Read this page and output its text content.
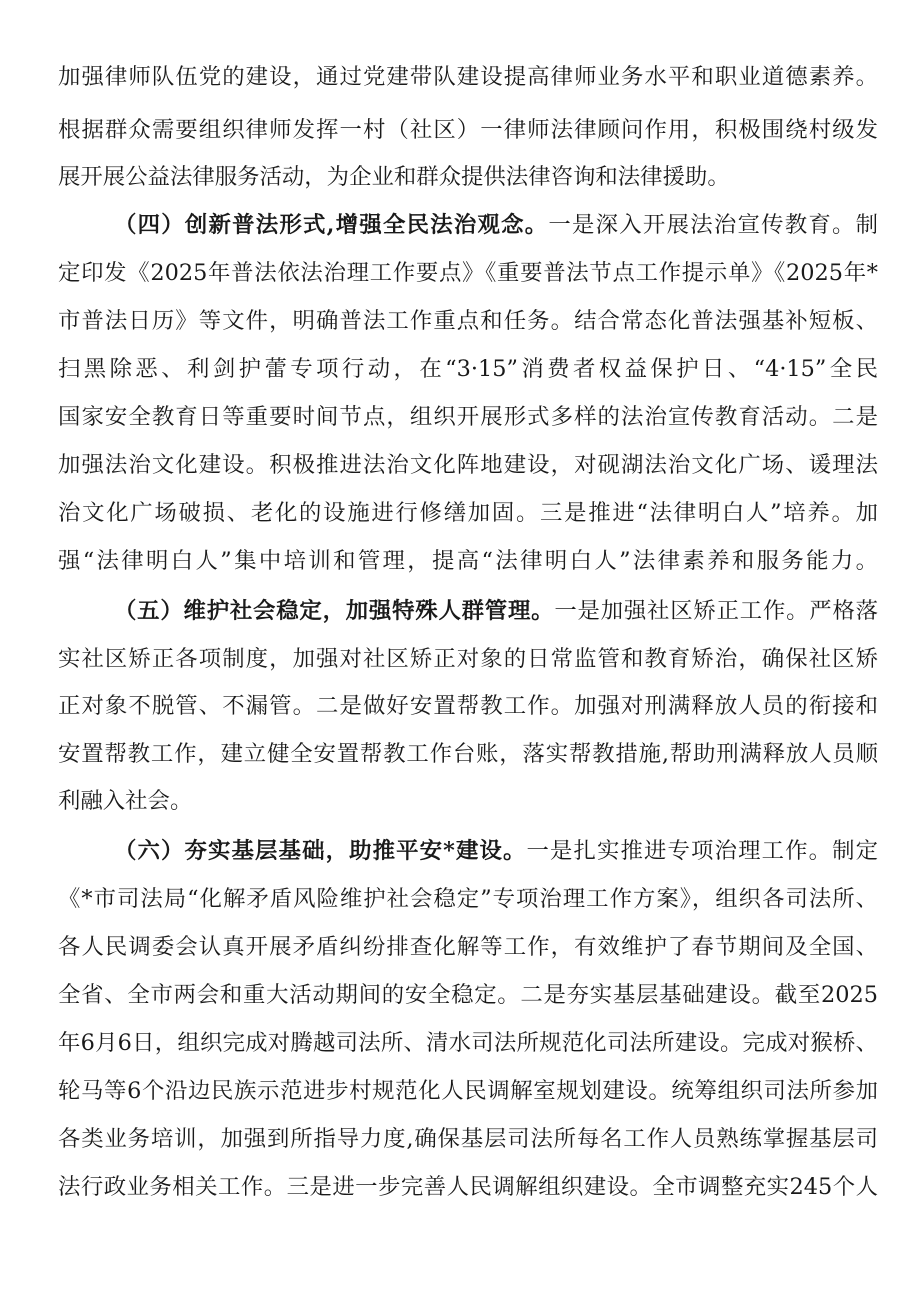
加强律师队伍党的建设，通过党建带队建设提高律师业务水平和职业道德素养。
根据群众需要组织律师发挥一村（社区）一律师法律顾问作用，积极围绕村级发
展开展公益法律服务活动，为企业和群众提供法律咨询和法律援助。
（四）创新普法形式,增强全民法治观念。一是深入开展法治宣传教育。制
定印发《2025年普法依法治理工作要点》《重要普法节点工作提示单》《2025年*
市普法日历》等文件，明确普法工作重点和任务。结合常态化普法强基补短板、
扫黑除恶、利剑护蕾专项行动，在“3·15”消费者权益保护日、“4·15”全民
国家安全教育日等重要时间节点，组织开展形式多样的法治宣传教育活动。二是
加强法治文化建设。积极推进法治文化阵地建设，对砚湖法治文化广场、谖理法
治文化广场破损、老化的设施进行修缮加固。三是推进“法律明白人”培养。加
强“法律明白人”集中培训和管理，提高“法律明白人”法律素养和服务能力。
（五）维护社会稳定，加强特殊人群管理。一是加强社区矫正工作。严格落
实社区矫正各项制度，加强对社区矫正对象的日常监管和教育矫治，确保社区矫
正对象不脱管、不漏管。二是做好安置帮教工作。加强对刑满释放人员的衔接和
安置帮教工作，建立健全安置帮教工作台账，落实帮教措施,帮助刑满释放人员顺
利融入社会。
（六）夯实基层基础，助推平安*建设。一是扎实推进专项治理工作。制定
《*市司法局“化解矛盾风险维护社会稳定”专项治理工作方案》，组织各司法所、
各人民调委会认真开展矛盾纠纷排查化解等工作，有效维护了春节期间及全国、
全省、全市两会和重大活动期间的安全稳定。二是夯实基层基础建设。截至2025
年6月6日，组织完成对腾越司法所、清水司法所规范化司法所建设。完成对猴桥、
轮马等6个沿边民族示范进步村规范化人民调解室规划建设。统筹组织司法所参加
各类业务培训，加强到所指导力度,确保基层司法所每名工作人员熟练掌握基层司
法行政业务相关工作。三是进一步完善人民调解组织建设。全市调整充实245个人
